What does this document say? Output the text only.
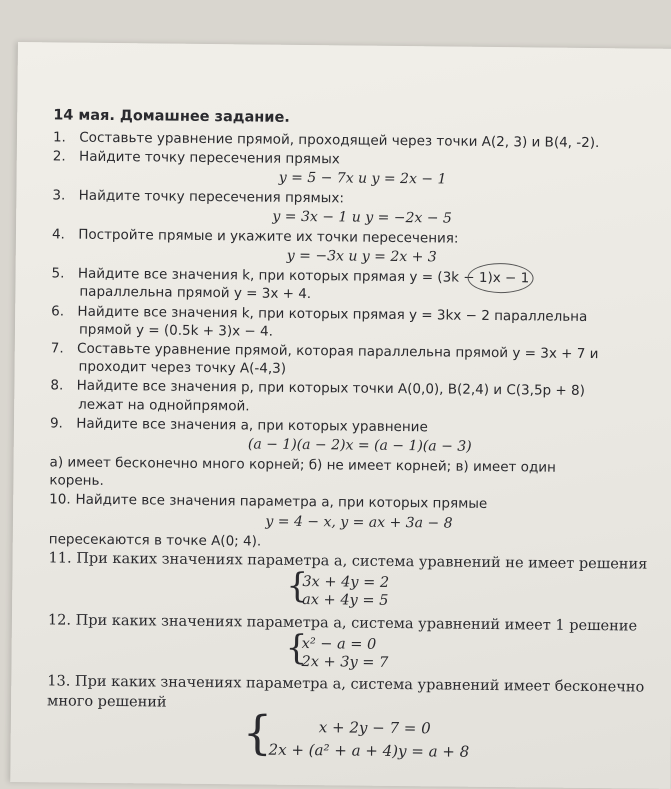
14 мая. Домашнее задание.
1. Составьте уравнение прямой, проходящей через точки A(2, 3) и B(4, -2).
2. Найдите точку пересечения прямых
y = 5 − 7x и y = 2x − 1
3. Найдите точку пересечения прямых:
y = 3x − 1 и y = −2x − 5
4. Постройте прямые и укажите их точки пересечения:
y = −3x и y = 2x + 3
5. Найдите все значения k, при которых прямая y = (3k − 1)x − 1
параллельна прямой y = 3x + 4.
6. Найдите все значения k, при которых прямая y = 3kx − 2 параллельна
прямой y = (0.5k + 3)x − 4.
7. Составьте уравнение прямой, которая параллельна прямой y = 3x + 7 и
проходит через точку A(-4,3)
8. Найдите все значения p, при которых точки A(0,0), B(2,4) и C(3,5p + 8)
лежат на однойпрямой.
9. Найдите все значения a, при которых уравнение
(a − 1)(a − 2)x = (a − 1)(a − 3)
а) имеет бесконечно много корней; б) не имеет корней; в) имеет один
корень.
10. Найдите все значения параметра a, при которых прямые
y = 4 − x, y = ax + 3a − 8
пересекаются в точке A(0; 4).
11. При каких значениях параметра a, система уравнений не имеет решения
{ 3x + 4y = 2
ax + 4y = 5
12. При каких значениях параметра a, система уравнений имеет 1 решение
{ x² − a = 0
2x + 3y = 7
13. При каких значениях параметра a, система уравнений имеет бесконечно
много решений
{ x + 2y − 7 = 0
2x + (a² + a + 4)y = a + 8
